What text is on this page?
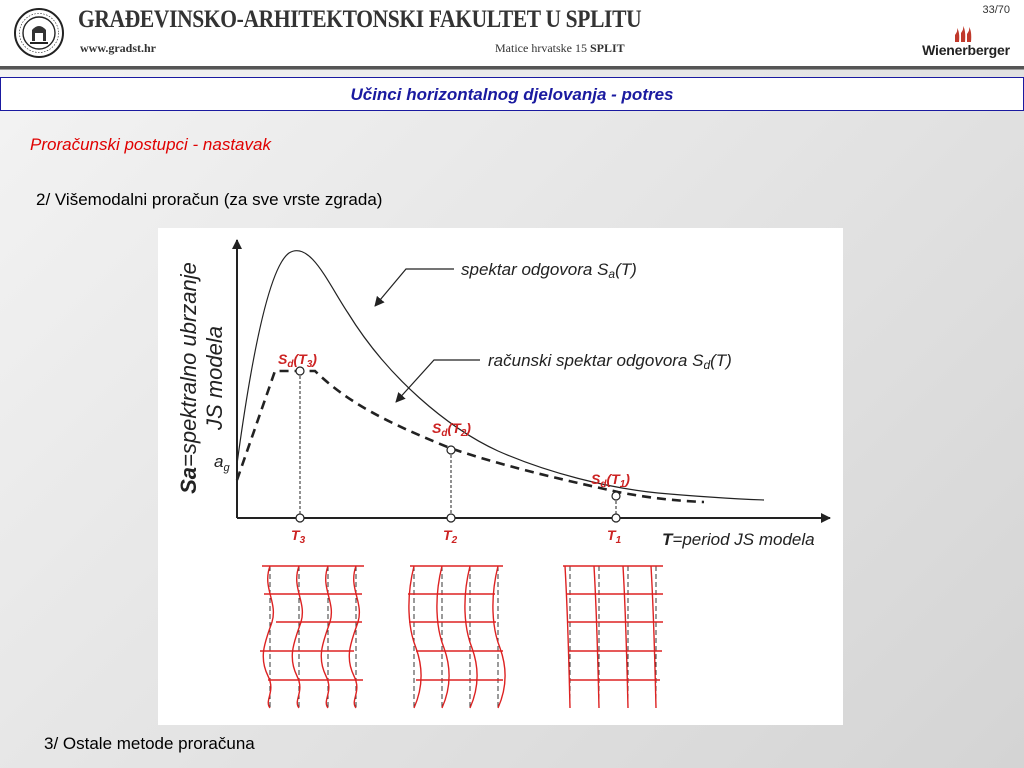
GRAĐEVINSKO-ARHITEKTONSKI FAKULTET U SPLITU
www.gradst.hr	Matice hrvatske 15 SPLIT
33/70
Wienerberger
Učinci horizontalnog djelovanja - potres
Proračunski postupci - nastavak
2/ Višemodalni proračun (za sve vrste zgrada)
Sa=spektralno ubrzanje JS modela
$a_g$
spektar odgovora Sa(T)
računski spektar odgovora Sd(T)
$S_d(T_3)$
$S_d(T_2)$
$S_d(T_1)$
$T_3$	$T_2$	$T_1$ T=period JS modela
3/ Ostale metode proračuna
